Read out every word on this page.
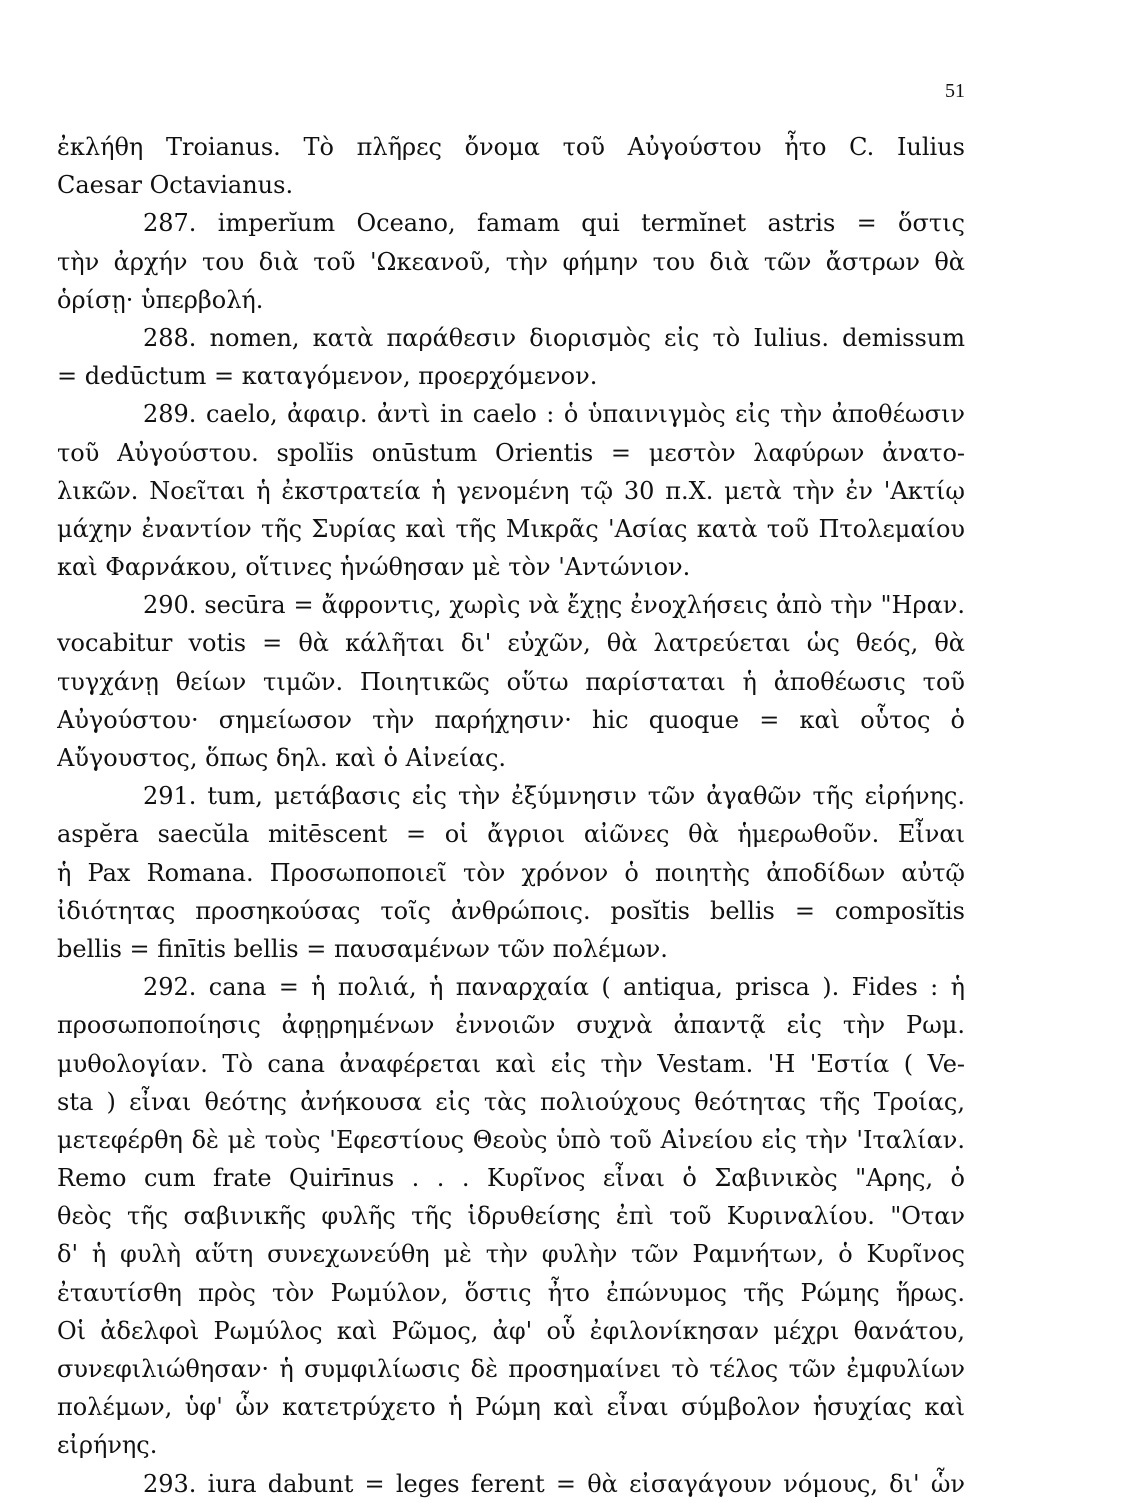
51
ἐκλήθη Troianus. Τὸ πλῆρες ὄνομα τοῦ Αὐγούστου ἦτο C. Iulius
Caesar Octavianus.
287. imperĭum Oceano, famam qui termĭnet astris = ὅστις
τὴν ἀρχήν του διὰ τοῦ 'Ωκεανοῦ, τὴν φήμην του διὰ τῶν ἄστρων θὰ
ὁρίσῃ· ὑπερβολή.
288. nomen, κατὰ παράθεσιν διορισμὸς εἰς τὸ Iulius. demissum
= dedūctum = καταγόμενον, προερχόμενον.
289. caelo, ἀφαιρ. ἀντὶ in caelo : ὁ ὑπαινιγμὸς εἰς τὴν ἀποθέωσιν
τοῦ Αὐγούστου. spolĭis onūstum Orientis = μεστὸν λαφύρων ἀνατο-
λικῶν. Νοεῖται ἡ ἐκστρατεία ἡ γενομένη τῷ 30 π.Χ. μετὰ τὴν ἐν 'Ακτίῳ
μάχην ἐναντίον τῆς Συρίας καὶ τῆς Μικρᾶς 'Ασίας κατὰ τοῦ Πτολεμαίου
καὶ Φαρνάκου, οἵτινες ἡνώθησαν μὲ τὸν 'Αντώνιον.
290. secūra = ἄφροντις, χωρὶς νὰ ἔχῃς ἐνοχλήσεις ἀπὸ τὴν "Ηραν.
vocabitur votis = θὰ κάλῆται δι' εὐχῶν, θὰ λατρεύεται ὡς θεός, θὰ
τυγχάνῃ θείων τιμῶν. Ποιητικῶς οὕτω παρίσταται ἡ ἀποθέωσις τοῦ
Αὐγούστου· σημείωσον τὴν παρήχησιν· hic quoque = καὶ οὗτος ὁ
Αὔγουστος, ὅπως δηλ. καὶ ὁ Αἰνείας.
291. tum, μετάβασις εἰς τὴν ἐξύμνησιν τῶν ἀγαθῶν τῆς εἰρήνης.
aspĕra saecŭla mitēscent = οἱ ἄγριοι αἰῶνες θὰ ἡμερωθοῦν. Εἶναι
ἡ Pax Romana. Προσωποποιεῖ τὸν χρόνον ὁ ποιητὴς ἀποδίδων αὐτῷ
ἰδιότητας προσηκούσας τοῖς ἀνθρώποις. posĭtis bellis = composĭtis
bellis = finītis bellis = παυσαμένων τῶν πολέμων.
292. cana = ἡ πολιά, ἡ παναρχαία ( antiqua, prisca ). Fides : ἡ
προσωποποίησις ἀφῃρημένων ἐννοιῶν συχνὰ ἀπαντᾷ εἰς τὴν Ρωμ.
μυθολογίαν. Τὸ cana ἀναφέρεται καὶ εἰς τὴν Vestam. 'Η 'Εστία ( Ve-
sta ) εἶναι θεότης ἀνήκουσα εἰς τὰς πολιούχους θεότητας τῆς Τροίας,
μετεφέρθη δὲ μὲ τοὺς 'Εφεστίους Θεοὺς ὑπὸ τοῦ Αἰνείου εἰς τὴν 'Ιταλίαν.
Remo cum frate Quirīnus . . . Κυρῖνος εἶναι ὁ Σαβινικὸς "Αρης, ὁ
θεὸς τῆς σαβινικῆς φυλῆς τῆς ἱδρυθείσης ἐπὶ τοῦ Κυριναλίου. "Οταν
δ' ἡ φυλὴ αὕτη συνεχωνεύθη μὲ τὴν φυλὴν τῶν Ραμνήτων, ὁ Κυρῖνος
ἐταυτίσθη πρὸς τὸν Ρωμύλον, ὅστις ἦτο ἐπώνυμος τῆς Ρώμης ἥρως.
Οἱ ἀδελφοὶ Ρωμύλος καὶ Ρῶμος, ἀφ' οὗ ἐφιλονίκησαν μέχρι θανάτου,
συνεφιλιώθησαν· ἡ συμφιλίωσις δὲ προσημαίνει τὸ τέλος τῶν ἐμφυλίων
πολέμων, ὑφ' ὧν κατετρύχετο ἡ Ρώμη καὶ εἶναι σύμβολον ἡσυχίας καὶ
εἰρήνης.
293. iura dabunt = leges ferent = θὰ εἰσαγάγουν νόμους, δι' ὧν
